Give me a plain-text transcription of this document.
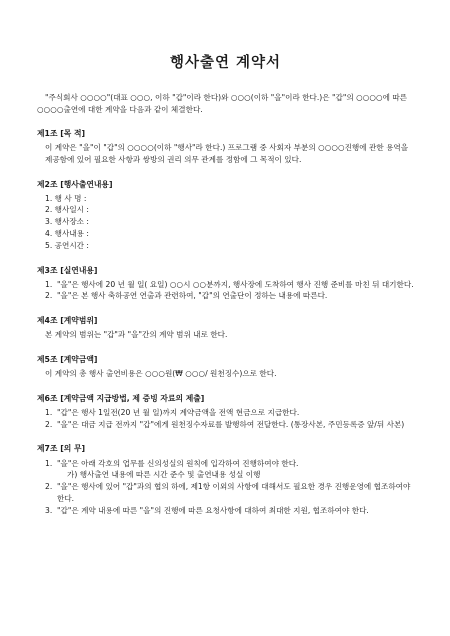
행사출연 계약서
"주식회사 ○○○○"(대표 ○○○, 이하 "갑"이라 한다)와 ○○○(이하 "을"이라 한다.)은 "갑"의 ○○○○에 따른 ○○○○출연에 대한 계약을 다음과 같이 체결한다.
제1조 [목 적]
이 계약은 "을"이 "갑"의 ○○○○(이하 "행사"라 한다.) 프로그램 중 사회자 부분의 ○○○○진행에 관한 용역을 제공함에 있어 필요한 사항과 쌍방의 권리 의무 관계를 정함에 그 목적이 있다.
제2조 [행사출연내용]
1. 행 사 명 :
2. 행사일시 :
3. 행사장소 :
4. 행사내용 :
5. 공연시간 :
제3조 [실연내용]
1. "을"은 행사에 20 년 월 일( 요일) ○○시 ○○분까지, 행사장에 도착하여 행사 진행 준비를 마친 뒤 대기한다.
2. "을"은 본 행사 축하공연 연출과 관련하여, "갑"의 연출단이 정하는 내용에 따른다.
제4조 [계약범위]
본 계약의 범위는 "갑"과 "을"간의 계약 범위 내로 한다.
제5조 [계약금액]
이 계약의 총 행사 출연비용은 ○○○원(₩ ○○○/ 원천징수)으로 한다.
제6조 [계약금액 지급방법, 제 증빙 자료의 제출]
1. "갑"은 행사 1일전(20 년 월 일)까지 계약금액을 전액 현금으로 지급한다.
2. "을"은 대금 지급 전까지 "갑"에게 원천징수자료를 발행하여 전달한다. (통장사본, 주민등록증 앞/뒤 사본)
제7조 [의 무]
1. "을"은 아래 각호의 업무를 신의성실의 원칙에 입각하여 진행하여야 한다.
가) 행사출연 내용에 따른 시간 준수 및 출연내용 성실 이행
2. "을"은 행사에 있어 "갑"과의 협의 하에, 제1항 이외의 사항에 대해서도 필요한 경우 진행운영에 협조하여야 한다.
3. "갑"은 계약 내용에 따른 "을"의 진행에 따른 요청사항에 대하여 최대한 지원, 협조하여야 한다.
